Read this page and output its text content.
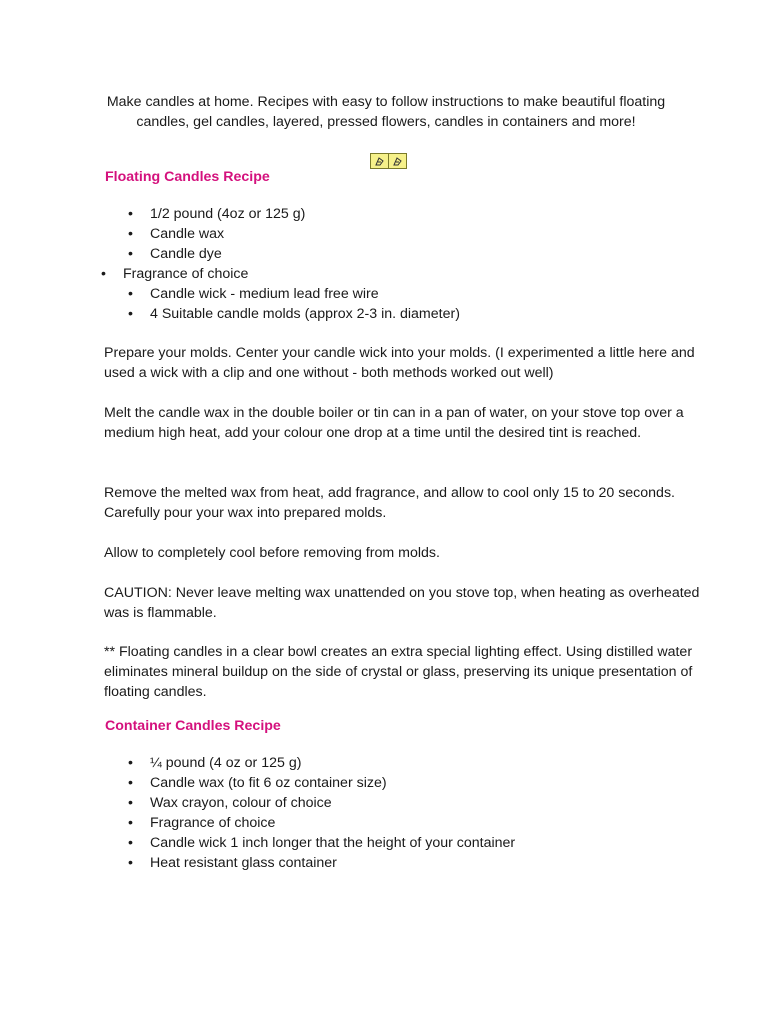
Make candles at home. Recipes with easy to follow instructions to make beautiful floating candles, gel candles, layered, pressed flowers, candles in containers and more!

Floating Candles Recipe
• 1/2 pound (4oz or 125 g)
• Candle wax
• Candle dye
• Fragrance of choice
• Candle wick - medium lead free wire
• 4 Suitable candle molds (approx 2-3 in. diameter)

Prepare your molds. Center your candle wick into your molds. (I experimented a little here and used a wick with a clip and one without - both methods worked out well)

Melt the candle wax in the double boiler or tin can in a pan of water, on your stove top over a medium high heat, add your colour one drop at a time until the desired tint is reached.

Remove the melted wax from heat, add fragrance, and allow to cool only 15 to 20 seconds. Carefully pour your wax into prepared molds.

Allow to completely cool before removing from molds.

CAUTION: Never leave melting wax unattended on you stove top, when heating as overheated was is flammable.

** Floating candles in a clear bowl creates an extra special lighting effect. Using distilled water eliminates mineral buildup on the side of crystal or glass, preserving its unique presentation of floating candles.

Container Candles Recipe
• ¼ pound (4 oz or 125 g)
• Candle wax (to fit 6 oz container size)
• Wax crayon, colour of choice
• Fragrance of choice
• Candle wick 1 inch longer that the height of your container
• Heat resistant glass container
